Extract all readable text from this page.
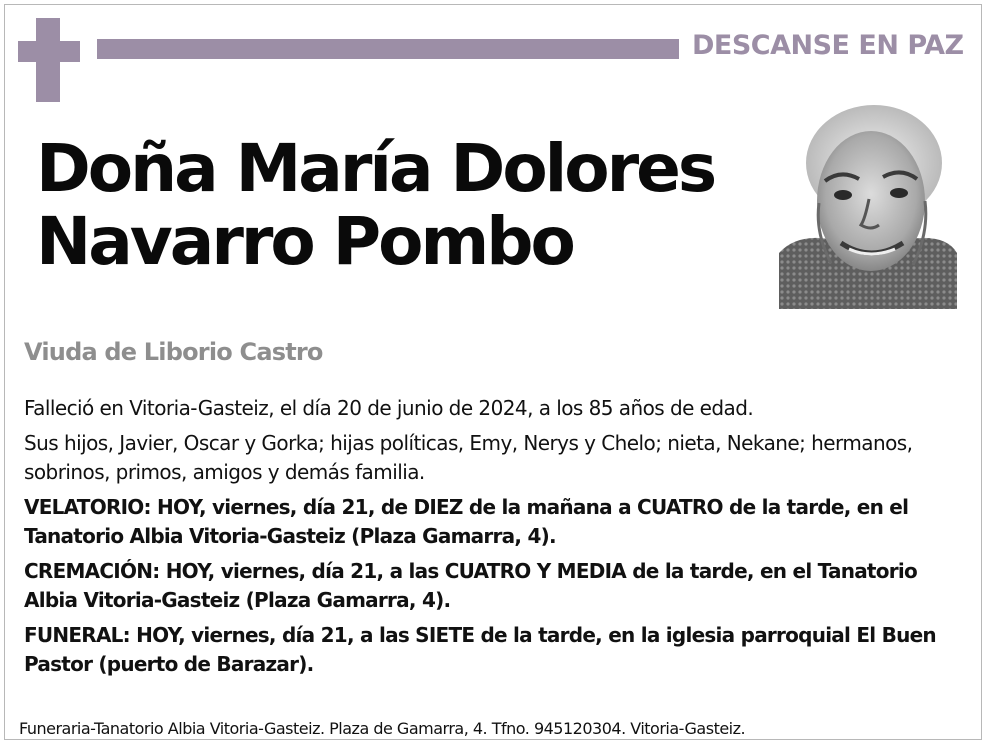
DESCANSE EN PAZ
Doña María Dolores
Navarro Pombo
Viuda de Liborio Castro

Falleció en Vitoria-Gasteiz, el día 20 de junio de 2024, a los 85 años de edad.

Sus hijos, Javier, Oscar y Gorka; hijas políticas, Emy, Nerys y Chelo; nieta, Nekane; hermanos, sobrinos, primos, amigos y demás familia.

VELATORIO: HOY, viernes, día 21, de DIEZ de la mañana a CUATRO de la tarde, en el Tanatorio Albia Vitoria-Gasteiz (Plaza Gamarra, 4).

CREMACIÓN: HOY, viernes, día 21, a las CUATRO Y MEDIA de la tarde, en el Tanatorio Albia Vitoria-Gasteiz (Plaza Gamarra, 4).

FUNERAL: HOY, viernes, día 21, a las SIETE de la tarde, en la iglesia parroquial El Buen Pastor (puerto de Barazar).

Funeraria-Tanatorio Albia Vitoria-Gasteiz. Plaza de Gamarra, 4. Tfno. 945120304. Vitoria-Gasteiz.
